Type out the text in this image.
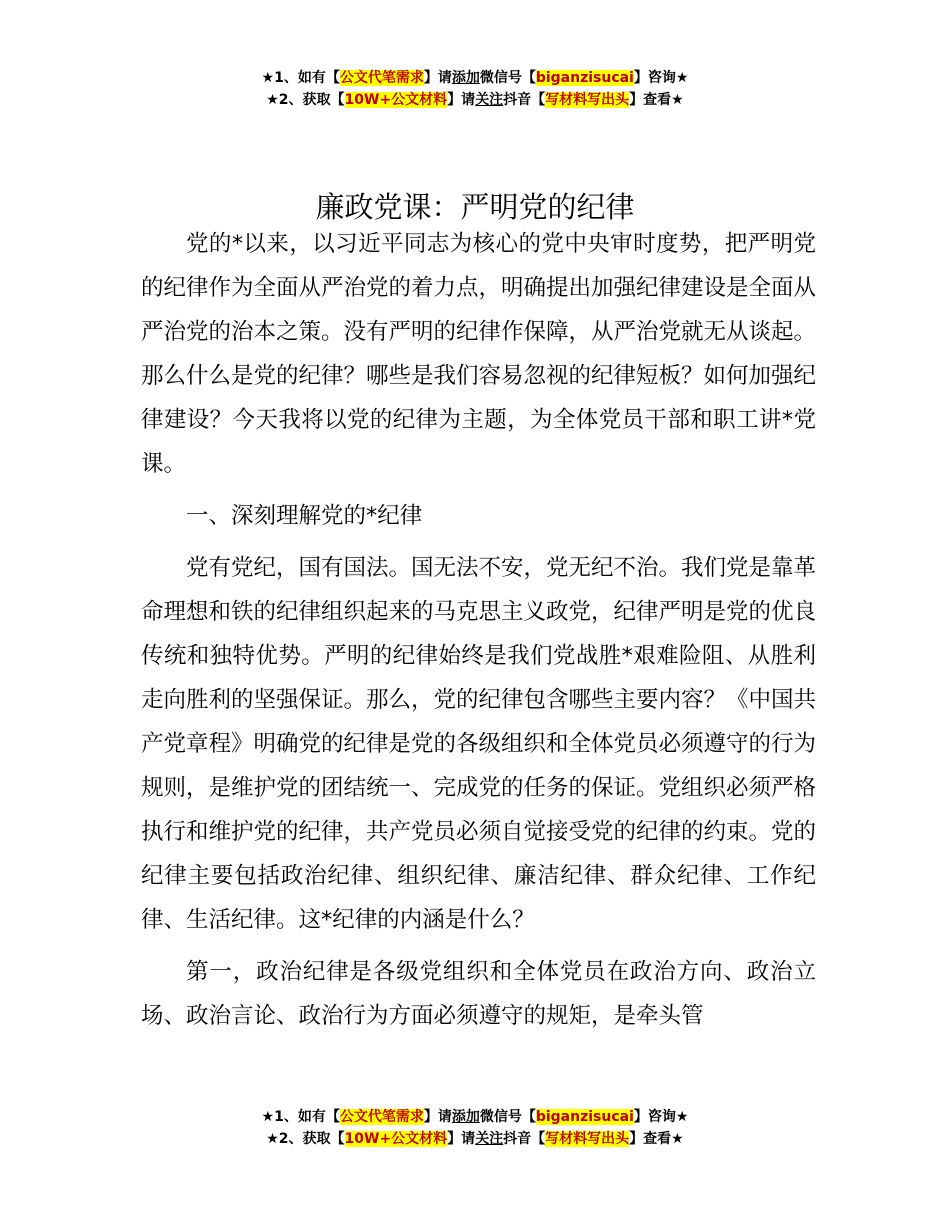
★1、如有【公文代笔需求】请添加微信号【biganzisucai】咨询★
★2、获取【10W+公文材料】请关注抖音【写材料写出头】查看★
廉政党课：严明党的纪律

党的*以来，以习近平同志为核心的党中央审时度势，把严明党的纪律作为全面从严治党的着力点，明确提出加强纪律建设是全面从严治党的治本之策。没有严明的纪律作保障，从严治党就无从谈起。那么什么是党的纪律？哪些是我们容易忽视的纪律短板？如何加强纪律建设？今天我将以党的纪律为主题，为全体党员干部和职工讲*党课。

一、深刻理解党的*纪律

党有党纪，国有国法。国无法不安，党无纪不治。我们党是靠革命理想和铁的纪律组织起来的马克思主义政党，纪律严明是党的优良传统和独特优势。严明的纪律始终是我们党战胜*艰难险阻、从胜利走向胜利的坚强保证。那么，党的纪律包含哪些主要内容？《中国共产党章程》明确党的纪律是党的各级组织和全体党员必须遵守的行为规则，是维护党的团结统一、完成党的任务的保证。党组织必须严格执行和维护党的纪律，共产党员必须自觉接受党的纪律的约束。党的纪律主要包括政治纪律、组织纪律、廉洁纪律、群众纪律、工作纪律、生活纪律。这*纪律的内涵是什么？

第一，政治纪律是各级党组织和全体党员在政治方向、政治立场、政治言论、政治行为方面必须遵守的规矩，是牵头管

★1、如有【公文代笔需求】请添加微信号【biganzisucai】咨询★
★2、获取【10W+公文材料】请关注抖音【写材料写出头】查看★
